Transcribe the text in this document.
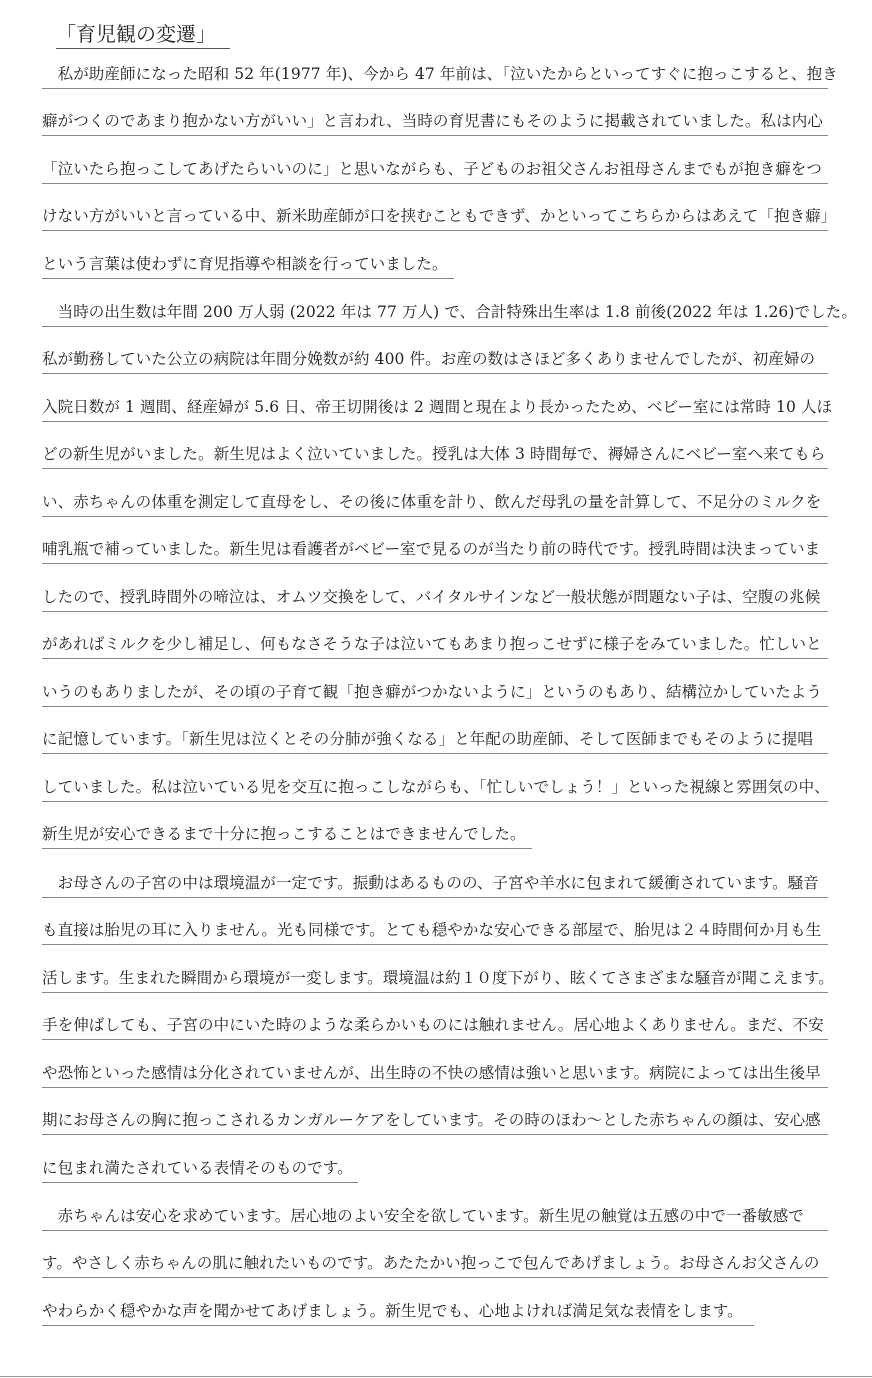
「育児観の変遷」
　私が助産師になった昭和 52 年(1977 年)、今から 47 年前は、「泣いたからといってすぐに抱っこすると、抱き
癖がつくのであまり抱かない方がいい」と言われ、当時の育児書にもそのように掲載されていました。私は内心
「泣いたら抱っこしてあげたらいいのに」と思いながらも、子どものお祖父さんお祖母さんまでもが抱き癖をつ
けない方がいいと言っている中、新米助産師が口を挟むこともできず、かといってこちらからはあえて「抱き癖」
という言葉は使わずに育児指導や相談を行っていました。
　当時の出生数は年間 200 万人弱 (2022 年は 77 万人) で、合計特殊出生率は 1.8 前後(2022 年は 1.26)でした。
私が勤務していた公立の病院は年間分娩数が約 400 件。お産の数はさほど多くありませんでしたが、初産婦の
入院日数が 1 週間、経産婦が 5.6 日、帝王切開後は 2 週間と現在より長かったため、ベビー室には常時 10 人ほ
どの新生児がいました。新生児はよく泣いていました。授乳は大体 3 時間毎で、褥婦さんにベビー室へ来てもら
い、赤ちゃんの体重を測定して直母をし、その後に体重を計り、飲んだ母乳の量を計算して、不足分のミルクを
哺乳瓶で補っていました。新生児は看護者がベビー室で見るのが当たり前の時代です。授乳時間は決まっていま
したので、授乳時間外の啼泣は、オムツ交換をして、バイタルサインなど一般状態が問題ない子は、空腹の兆候
があればミルクを少し補足し、何もなさそうな子は泣いてもあまり抱っこせずに様子をみていました。忙しいと
いうのもありましたが、その頃の子育て観「抱き癖がつかないように」というのもあり、結構泣かしていたよう
に記憶しています。「新生児は泣くとその分肺が強くなる」と年配の助産師、そして医師までもそのように提唱
していました。私は泣いている児を交互に抱っこしながらも、「忙しいでしょう！」といった視線と雰囲気の中、
新生児が安心できるまで十分に抱っこすることはできませんでした。
　お母さんの子宮の中は環境温が一定です。振動はあるものの、子宮や羊水に包まれて緩衝されています。騒音
も直接は胎児の耳に入りません。光も同様です。とても穏やかな安心できる部屋で、胎児は２４時間何か月も生
活します。生まれた瞬間から環境が一変します。環境温は約１０度下がり、眩くてさまざまな騒音が聞こえます。
手を伸ばしても、子宮の中にいた時のような柔らかいものには触れません。居心地よくありません。まだ、不安
や恐怖といった感情は分化されていませんが、出生時の不快の感情は強いと思います。病院によっては出生後早
期にお母さんの胸に抱っこされるカンガルーケアをしています。その時のほわ～とした赤ちゃんの顔は、安心感
に包まれ満たされている表情そのものです。
　赤ちゃんは安心を求めています。居心地のよい安全を欲しています。新生児の触覚は五感の中で一番敏感で
す。やさしく赤ちゃんの肌に触れたいものです。あたたかい抱っこで包んであげましょう。お母さんお父さんの
やわらかく穏やかな声を聞かせてあげましょう。新生児でも、心地よければ満足気な表情をします。
